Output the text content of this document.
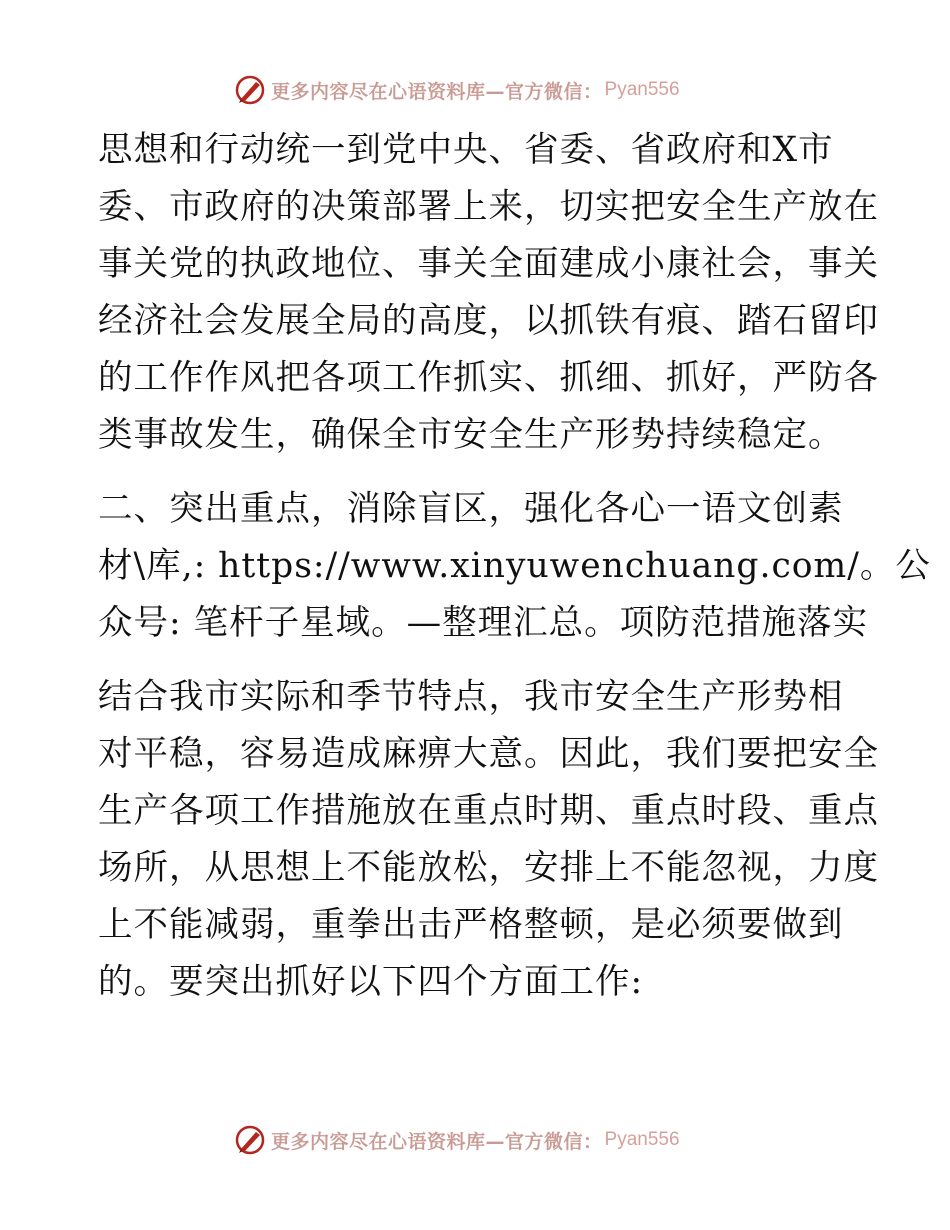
更多内容尽在心语资料库—官方微信： Pyan556
思想和行动统一到党中央、省委、省政府和X市
委、市政府的决策部署上来，切实把安全生产放在
事关党的执政地位、事关全面建成小康社会，事关
经济社会发展全局的高度，以抓铁有痕、踏石留印
的工作作风把各项工作抓实、抓细、抓好，严防各
类事故发生，确保全市安全生产形势持续稳定。
二、突出重点，消除盲区，强化各心一语文创素
材\库,: https://www.xinyuwenchuang.com/。公
众号: 笔杆子星域。—整理汇总。项防范措施落实
结合我市实际和季节特点，我市安全生产形势相
对平稳，容易造成麻痹大意。因此，我们要把安全
生产各项工作措施放在重点时期、重点时段、重点
场所，从思想上不能放松，安排上不能忽视，力度
上不能减弱，重拳出击严格整顿，是必须要做到
的。要突出抓好以下四个方面工作:
更多内容尽在心语资料库—官方微信： Pyan556
